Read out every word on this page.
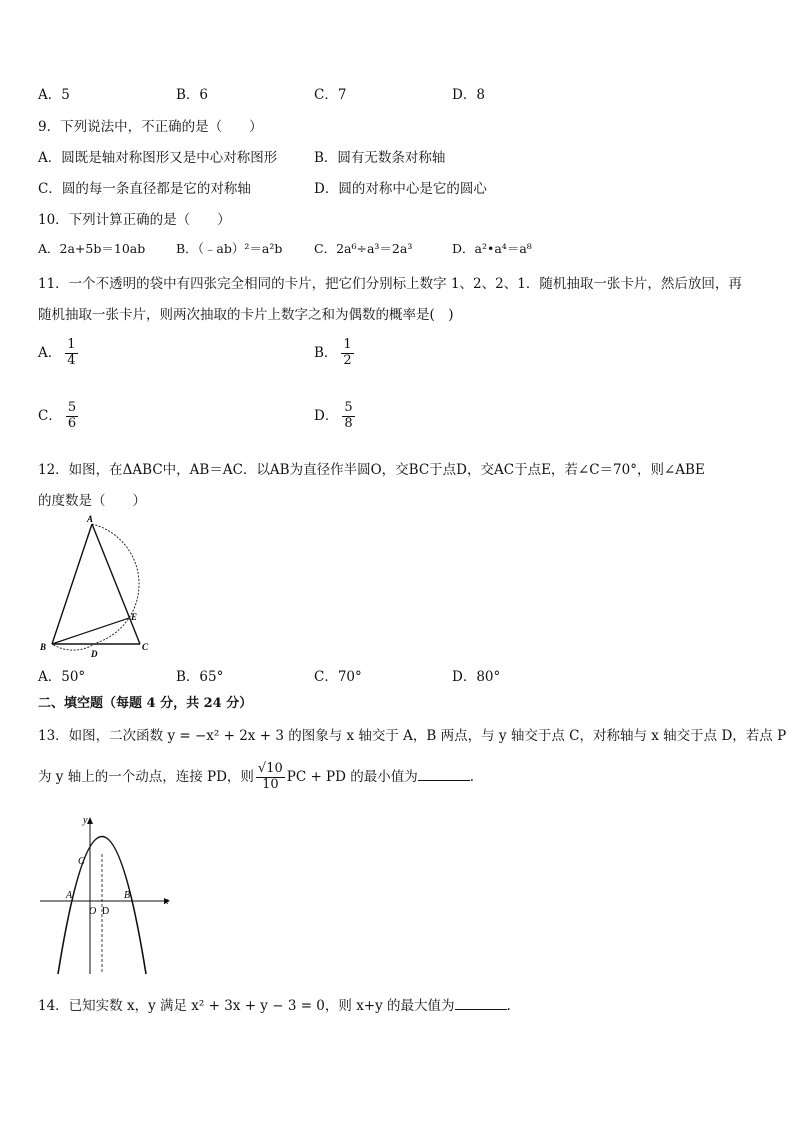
A．5	B．6	C．7	D．8
9．下列说法中，不正确的是（　　）
A．圆既是轴对称图形又是中心对称图形	B．圆有无数条对称轴
C．圆的每一条直径都是它的对称轴	D．圆的对称中心是它的圆心
10．下列计算正确的是（　　）
A．2a+5b＝10ab B．（﹣ab）²＝a²b	C．2a⁶÷a³＝2a³	D．a²•a⁴＝a⁸
11．一个不透明的袋中有四张完全相同的卡片，把它们分别标上数字 1、2、2、1．随机抽取一张卡片，然后放回，再
随机抽取一张卡片，则两次抽取的卡片上数字之和为偶数的概率是(　)
A． $\frac{1}{4}$	B． $\frac{1}{2}$
C． $\frac{5}{6}$	D． $\frac{5}{8}$
12．如图，在ΔABC中，AB＝AC．以AB为直径作半圆O，交BC于点D，交AC于点E，若∠C＝70°，则∠ABE
的度数是（　　）
A
B	C
D
E
A．50°	B．65°	C．70°	D．80°
二、填空题（每题 4 分，共 24 分）
13．如图，二次函数 y = −x² + 2x + 3 的图象与 x 轴交于 A，B 两点，与 y 轴交于点 C，对称轴与 x 轴交于点 D，若点 P
为 y 轴上的一个动点，连接 PD，则 $\frac{√10}{10}$ PC + PD 的最小值为	.
y
x
C
A
O D
B
14．已知实数 x，y 满足 x² + 3x + y − 3 = 0，则 x+y 的最大值为	.
